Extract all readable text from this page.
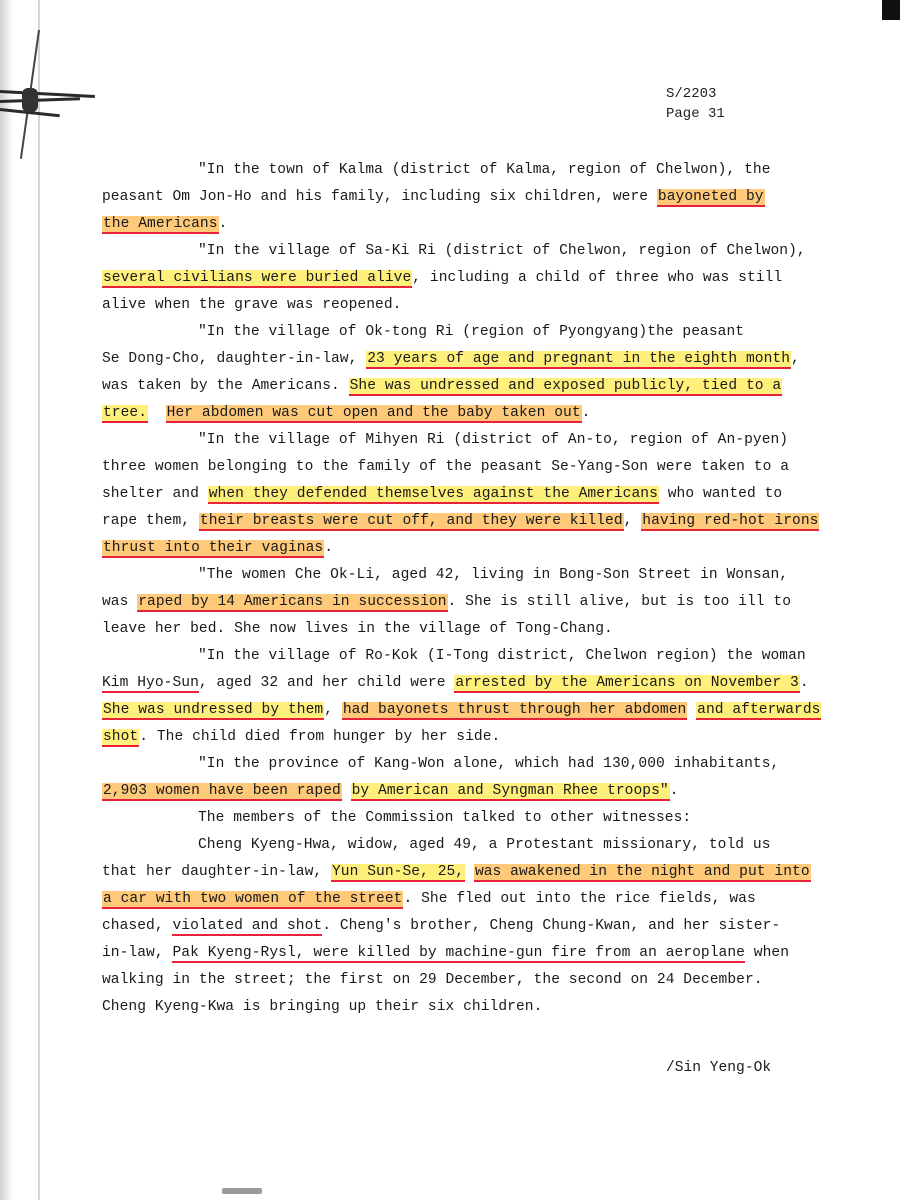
S/2203
Page 31
"In the town of Kalma (district of Kalma, region of Chelwon), the
peasant Om Jon-Ho and his family, including six children, were bayoneted by
the Americans.
"In the village of Sa-Ki Ri (district of Chelwon, region of Chelwon),
several civilians were buried alive, including a child of three who was still
alive when the grave was reopened.
"In the village of Ok-tong Ri (region of Pyongyang)the peasant
Se Dong-Cho, daughter-in-law, 23 years of age and pregnant in the eighth month,
was taken by the Americans. She was undressed and exposed publicly, tied to a
tree. Her abdomen was cut open and the baby taken out.
"In the village of Mihyen Ri (district of An-to, region of An-pyen)
three women belonging to the family of the peasant Se-Yang-Son were taken to a
shelter and when they defended themselves against the Americans who wanted to
rape them, their breasts were cut off, and they were killed, having red-hot irons
thrust into their vaginas.
"The women Che Ok-Li, aged 42, living in Bong-Son Street in Wonsan,
was raped by 14 Americans in succession. She is still alive, but is too ill to
leave her bed. She now lives in the village of Tong-Chang.
"In the village of Ro-Kok (I-Tong district, Chelwon region) the woman
Kim Hyo-Sun, aged 32 and her child were arrested by the Americans on November 3.
She was undressed by them, had bayonets thrust through her abdomen and afterwards
shot. The child died from hunger by her side.
"In the province of Kang-Won alone, which had 130,000 inhabitants,
2,903 women have been raped by American and Syngman Rhee troops".
The members of the Commission talked to other witnesses:
Cheng Kyeng-Hwa, widow, aged 49, a Protestant missionary, told us
that her daughter-in-law, Yun Sun-Se, 25, was awakened in the night and put into
a car with two women of the street. She fled out into the rice fields, was
chased, violated and shot. Cheng's brother, Cheng Chung-Kwan, and her sister-
in-law, Pak Kyeng-Rysl, were killed by machine-gun fire from an aeroplane when
walking in the street; the first on 29 December, the second on 24 December.
Cheng Kyeng-Kwa is bringing up their six children.
/Sin Yeng-Ok
